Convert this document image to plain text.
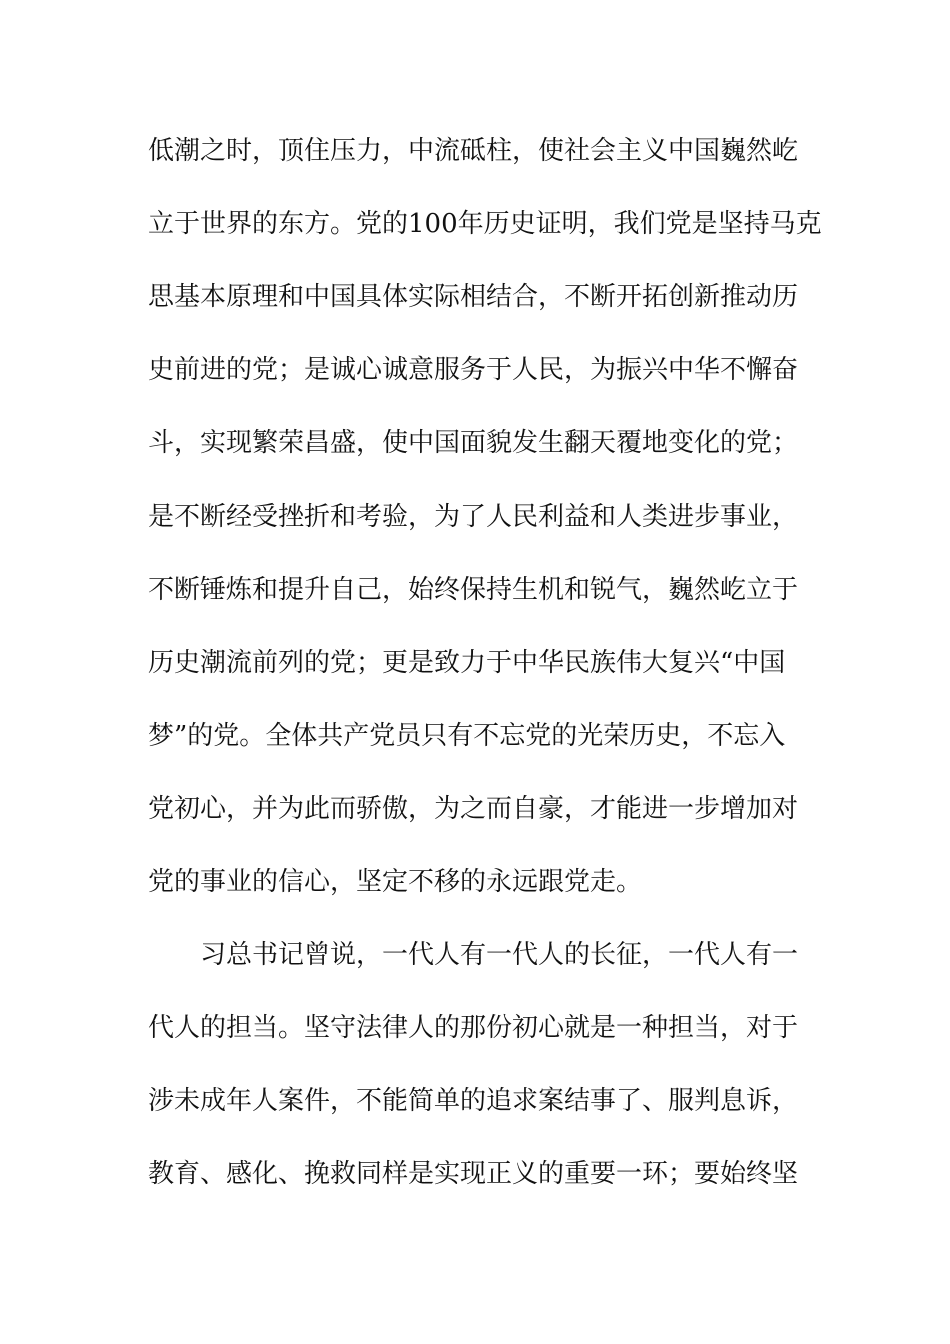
低潮之时，顶住压力，中流砥柱，使社会主义中国巍然屹
立于世界的东方。党的100年历史证明，我们党是坚持马克
思基本原理和中国具体实际相结合，不断开拓创新推动历
史前进的党；是诚心诚意服务于人民，为振兴中华不懈奋
斗，实现繁荣昌盛，使中国面貌发生翻天覆地变化的党；
是不断经受挫折和考验，为了人民利益和人类进步事业，
不断锤炼和提升自己，始终保持生机和锐气，巍然屹立于
历史潮流前列的党；更是致力于中华民族伟大复兴“中国
梦”的党。全体共产党员只有不忘党的光荣历史，不忘入
党初心，并为此而骄傲，为之而自豪，才能进一步增加对
党的事业的信心，坚定不移的永远跟党走。
习总书记曾说，一代人有一代人的长征，一代人有一
代人的担当。坚守法律人的那份初心就是一种担当，对于
涉未成年人案件，不能简单的追求案结事了、服判息诉，
教育、感化、挽救同样是实现正义的重要一环；要始终坚
